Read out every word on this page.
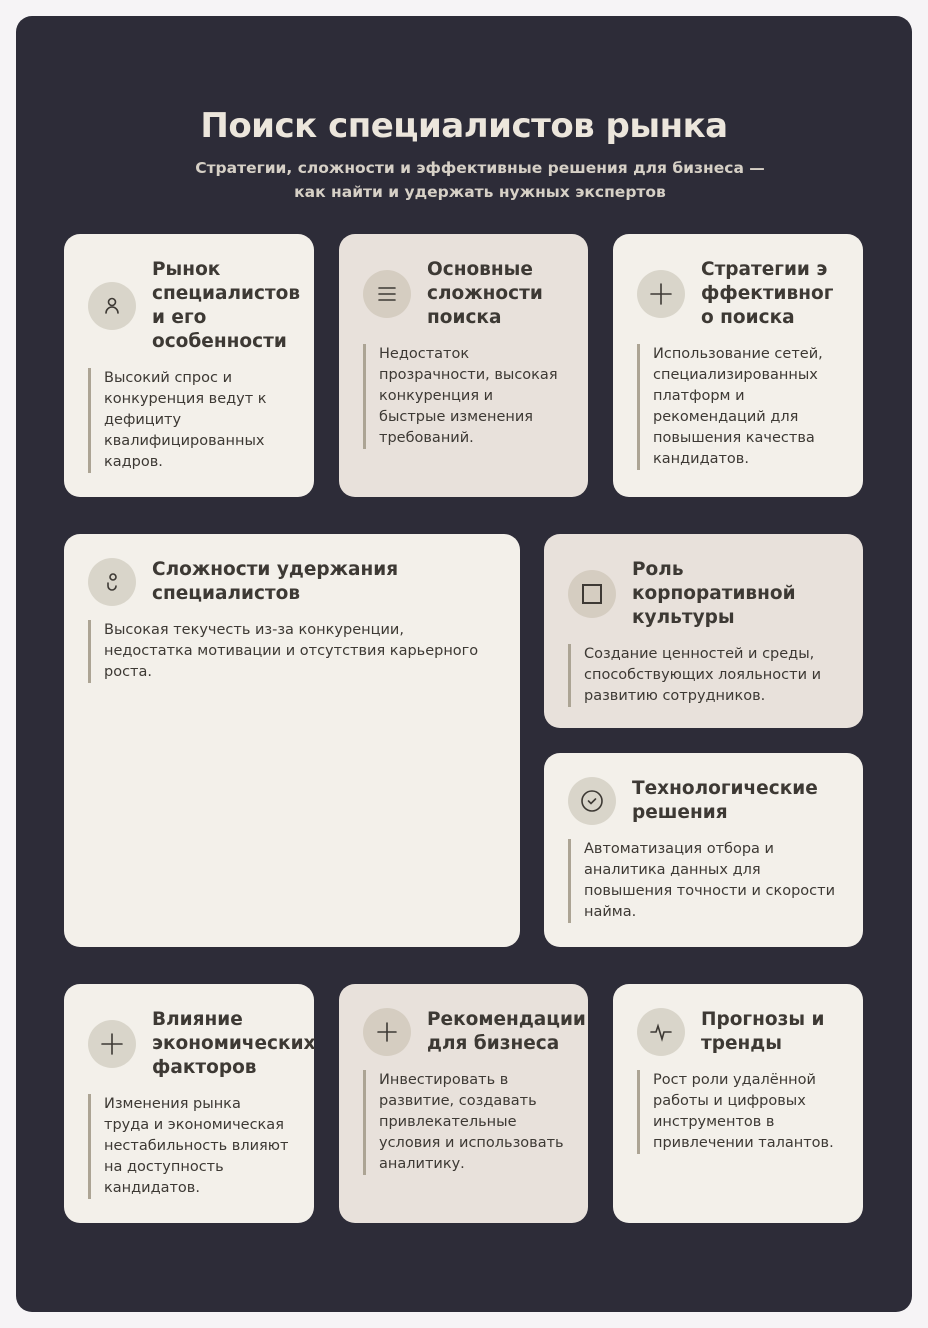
Поиск специалистов рынка

Стратегии, сложности и эффективные решения для бизнеса — как найти и удержать нужных экспертов

Рынок специалистов и его особенности
Высокий спрос и конкуренция ведут к дефициту квалифицированных кадров.
Основные сложности поиска
Недостаток прозрачности, высокая конкуренция и быстрые изменения требований.
Стратегии эффективного поиска
Использование сетей, специализированных платформ и рекомендаций для повышения качества кандидатов.
Сложности удержания специалистов
Высокая текучесть из-за конкуренции, недостатка мотивации и отсутствия карьерного роста.
Роль корпоративной культуры
Создание ценностей и среды, способствующих лояльности и развитию сотрудников.
Технологические решения
Автоматизация отбора и аналитика данных для повышения точности и скорости найма.
Влияние экономических факторов
Изменения рынка труда и экономическая нестабильность влияют на доступность кандидатов.
Рекомендации для бизнеса
Инвестировать в развитие, создавать привлекательные условия и использовать аналитику.
Прогнозы и тренды
Рост роли удалённой работы и цифровых инструментов в привлечении талантов.
